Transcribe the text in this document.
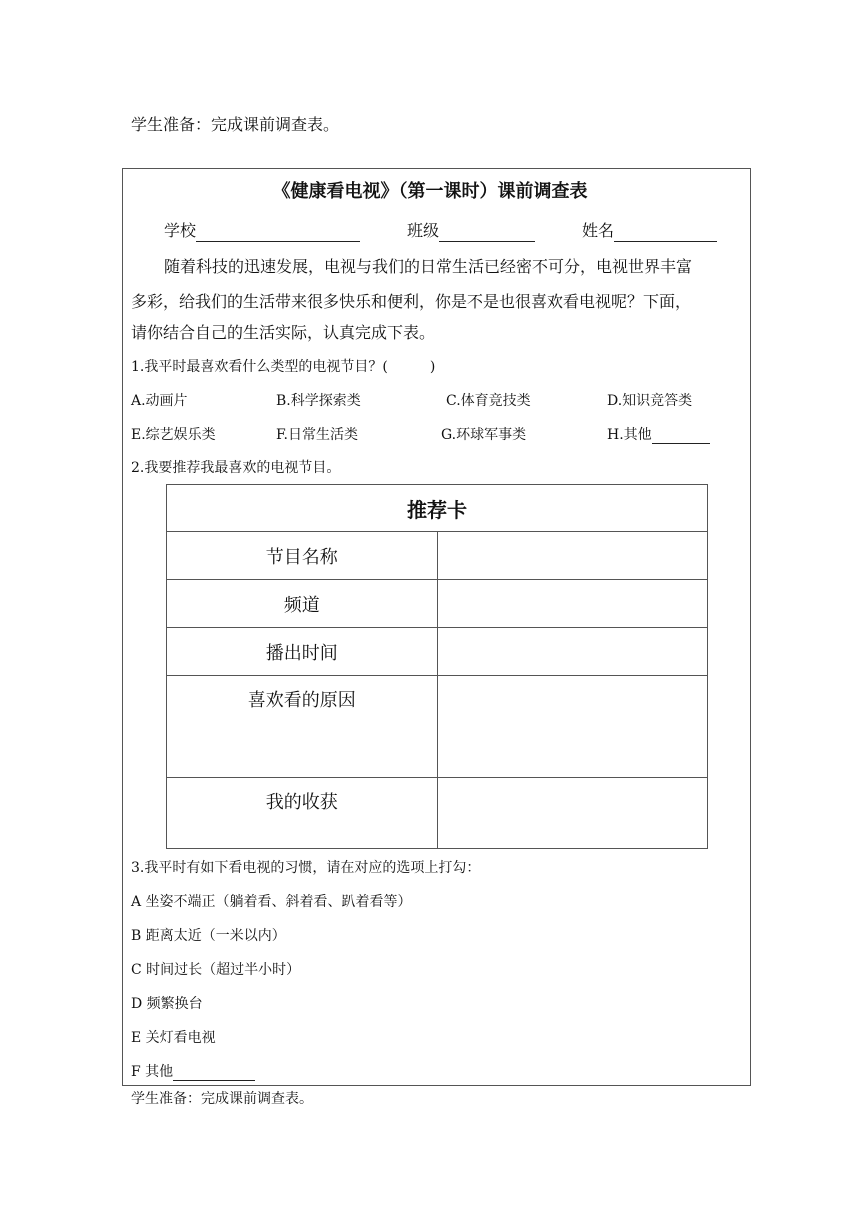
学生准备：完成课前调查表。
《健康看电视》（第一课时）课前调查表
学校	班级	姓名
随着科技的迅速发展，电视与我们的日常生活已经密不可分，电视世界丰富
多彩，给我们的生活带来很多快乐和便利，你是不是也很喜欢看电视呢？下面，
请你结合自己的生活实际，认真完成下表。
1.我平时最喜欢看什么类型的电视节目？(　　　)
A.动画片	B.科学探索类	C.体育竞技类	D.知识竞答类
E.综艺娱乐类	F.日常生活类	G.环球军事类	H.其他
2.我要推荐我最喜欢的电视节目。
推荐卡	
节目名称	
频道	
播出时间	
喜欢看的原因	
我的收获	
3.我平时有如下看电视的习惯，请在对应的选项上打勾：
A 坐姿不端正（躺着看、斜着看、趴着看等）
B 距离太近（一米以内）
C 时间过长（超过半小时）
D 频繁换台
E 关灯看电视
F 其他
学生准备：完成课前调查表。
